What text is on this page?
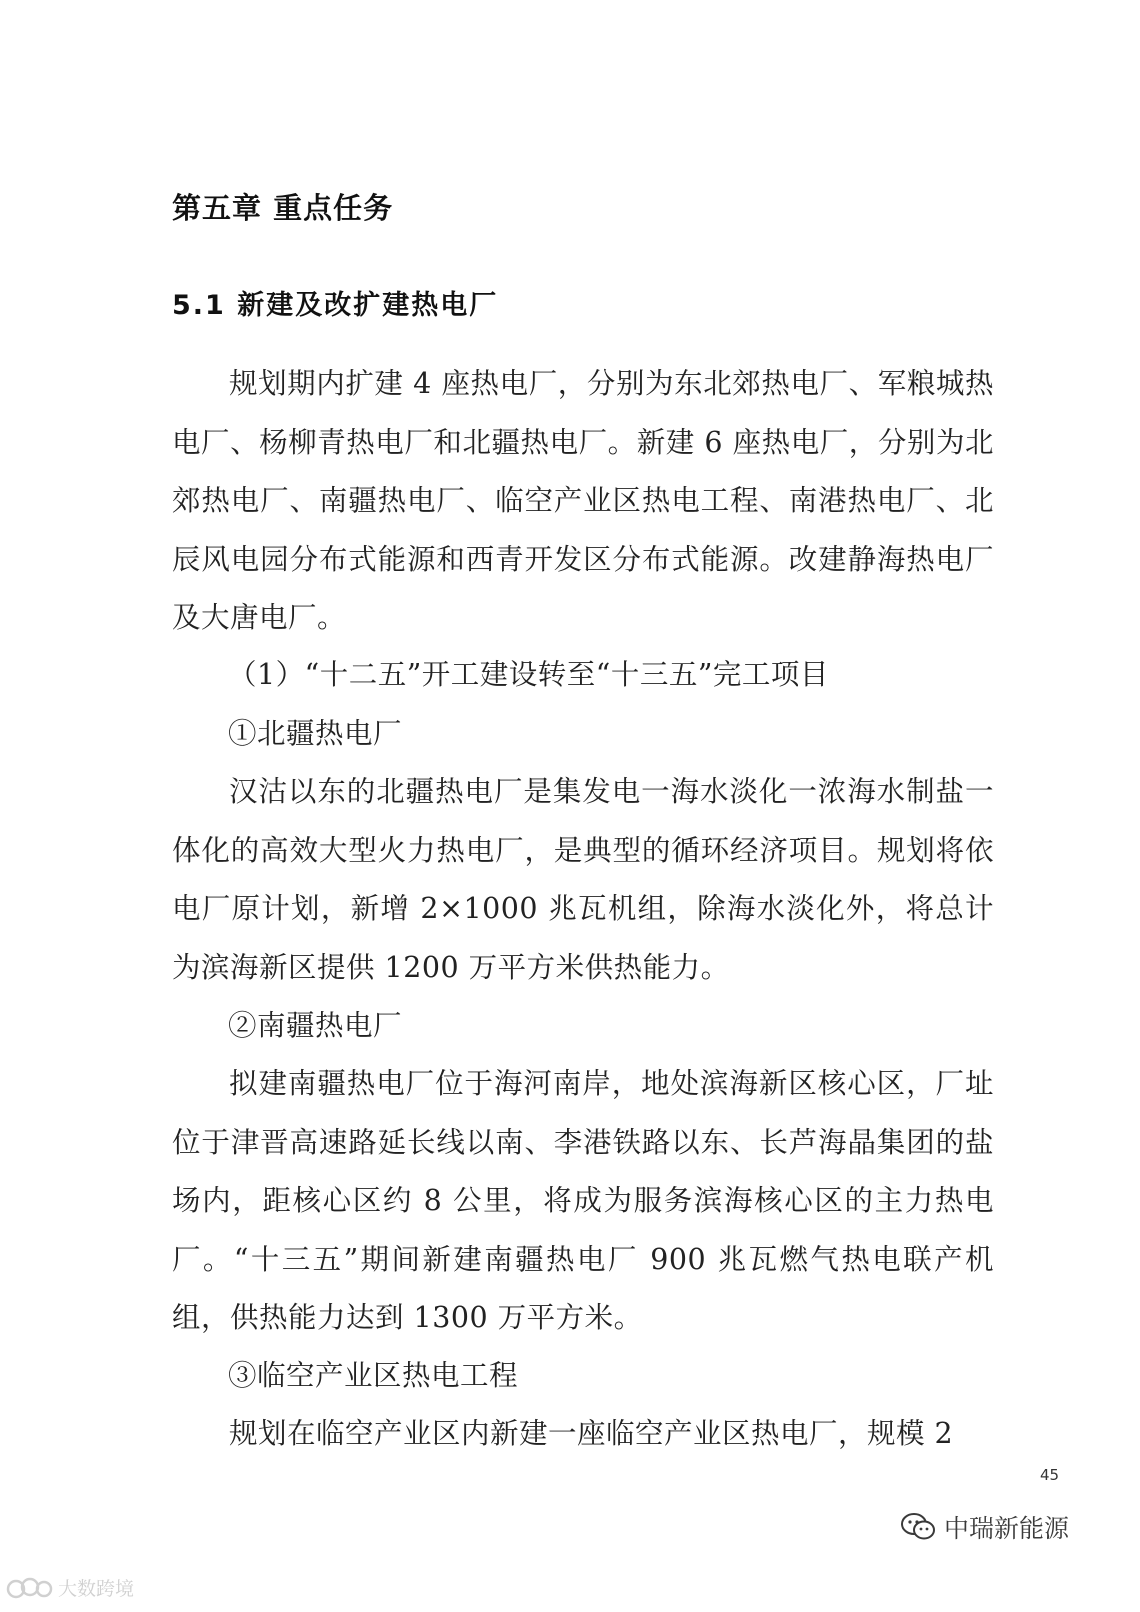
第五章 重点任务
5.1 新建及改扩建热电厂

规划期内扩建 4 座热电厂，分别为东北郊热电厂、军粮城热电厂、杨柳青热电厂和北疆热电厂。新建 6 座热电厂，分别为北郊热电厂、南疆热电厂、临空产业区热电工程、南港热电厂、北辰风电园分布式能源和西青开发区分布式能源。改建静海热电厂及大唐电厂。

（1）“十二五”开工建设转至“十三五”完工项目
①北疆热电厂

汉沽以东的北疆热电厂是集发电一海水淡化一浓海水制盐一体化的高效大型火力热电厂，是典型的循环经济项目。规划将依电厂原计划，新增 2×1000 兆瓦机组，除海水淡化外，将总计为滨海新区提供 1200 万平方米供热能力。

②南疆热电厂

拟建南疆热电厂位于海河南岸，地处滨海新区核心区，厂址位于津晋高速路延长线以南、李港铁路以东、长芦海晶集团的盐场内，距核心区约 8 公里，将成为服务滨海核心区的主力热电厂。“十三五”期间新建南疆热电厂 900 兆瓦燃气热电联产机组，供热能力达到 1300 万平方米。

③临空产业区热电工程

规划在临空产业区内新建一座临空产业区热电厂，规模 2

45
大数跨境
中瑞新能源
